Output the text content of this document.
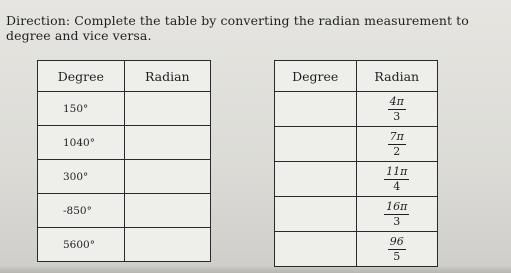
Direction: Complete the table by converting the radian measurement to degree and vice versa.
Degree	Radian
150°	
1040°	
300°	
-850°	
5600°	
Degree	Radian

	$\frac{4\pi}{3}$

	$\frac{7\pi}{2}$

	$\frac{11\pi}{4}$

	$\frac{16\pi}{3}$

	$\frac{96}{5}$
